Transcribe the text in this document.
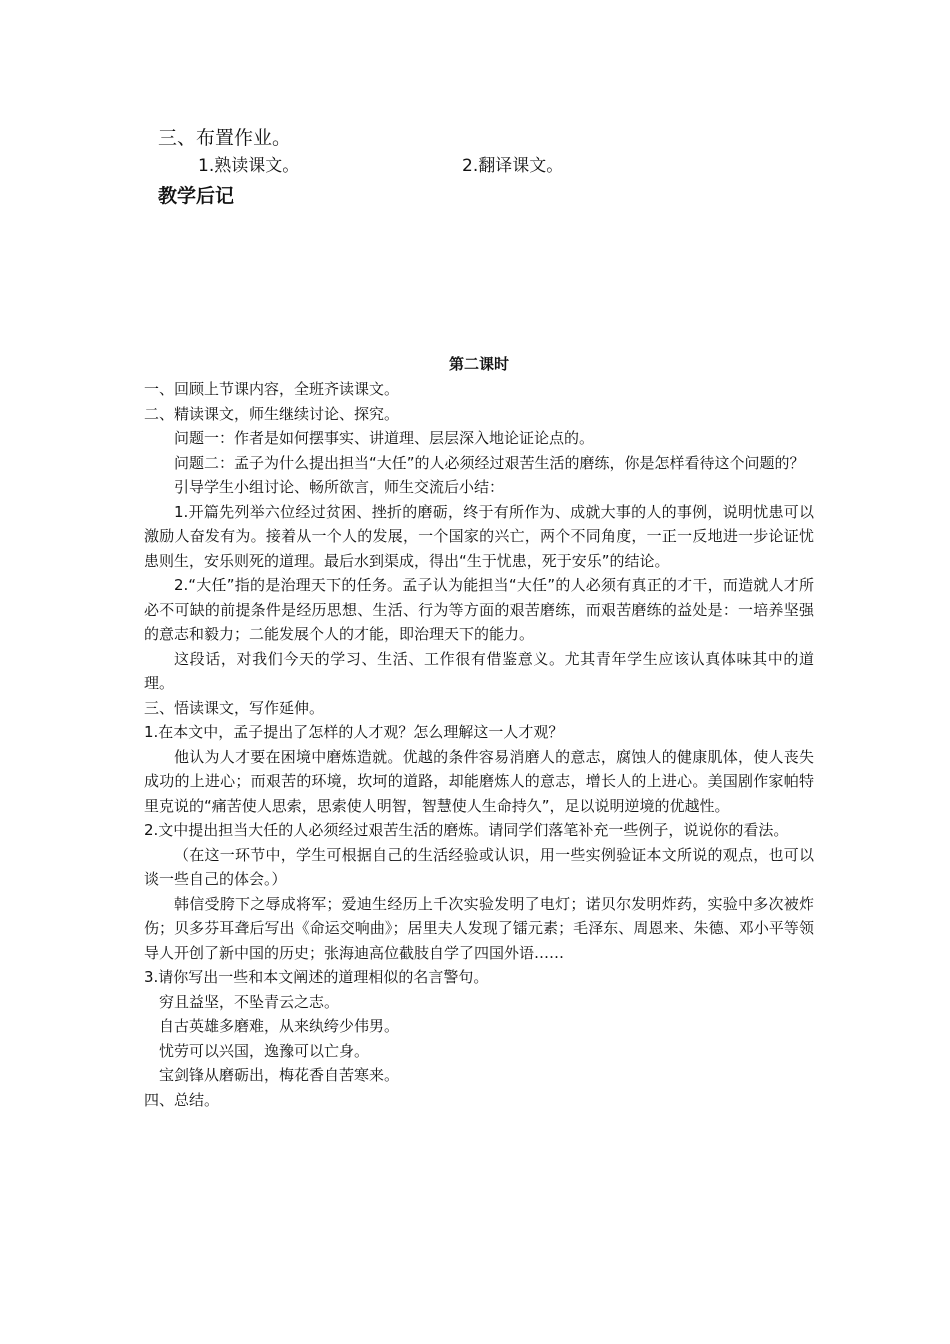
三、布置作业。

1.熟读课文。	2.翻译课文。
教学后记

第二课时

一、回顾上节课内容，全班齐读课文。

二、精读课文，师生继续讨论、探究。

问题一：作者是如何摆事实、讲道理、层层深入地论证论点的。

问题二：孟子为什么提出担当“大任”的人必须经过艰苦生活的磨练，你是怎样看待这个问题的？

引导学生小组讨论、畅所欲言，师生交流后小结：

1.开篇先列举六位经过贫困、挫折的磨砺，终于有所作为、成就大事的人的事例，说明忧患可以激励人奋发有为。接着从一个人的发展，一个国家的兴亡，两个不同角度，一正一反地进一步论证忧患则生，安乐则死的道理。最后水到渠成，得出“生于忧患，死于安乐”的结论。

2.“大任”指的是治理天下的任务。孟子认为能担当“大任”的人必须有真正的才干，而造就人才所必不可缺的前提条件是经历思想、生活、行为等方面的艰苦磨练，而艰苦磨练的益处是：一培养坚强的意志和毅力；二能发展个人的才能，即治理天下的能力。

这段话，对我们今天的学习、生活、工作很有借鉴意义。尤其青年学生应该认真体味其中的道理。

三、悟读课文，写作延伸。

1.在本文中，孟子提出了怎样的人才观？怎么理解这一人才观？

他认为人才要在困境中磨炼造就。优越的条件容易消磨人的意志，腐蚀人的健康肌体，使人丧失成功的上进心；而艰苦的环境，坎坷的道路，却能磨炼人的意志，增长人的上进心。美国剧作家帕特里克说的“痛苦使人思索，思索使人明智，智慧使人生命持久”，足以说明逆境的优越性。

2.文中提出担当大任的人必须经过艰苦生活的磨炼。请同学们落笔补充一些例子，说说你的看法。

（在这一环节中，学生可根据自己的生活经验或认识，用一些实例验证本文所说的观点，也可以谈一些自己的体会。）

韩信受胯下之辱成将军；爱迪生经历上千次实验发明了电灯；诺贝尔发明炸药，实验中多次被炸伤；贝多芬耳聋后写出《命运交响曲》；居里夫人发现了镭元素；毛泽东、周恩来、朱德、邓小平等领导人开创了新中国的历史；张海迪高位截肢自学了四国外语……

3.请你写出一些和本文阐述的道理相似的名言警句。

穷且益坚，不坠青云之志。

自古英雄多磨难，从来纨绔少伟男。

忧劳可以兴国，逸豫可以亡身。

宝剑锋从磨砺出，梅花香自苦寒来。

四、总结。
